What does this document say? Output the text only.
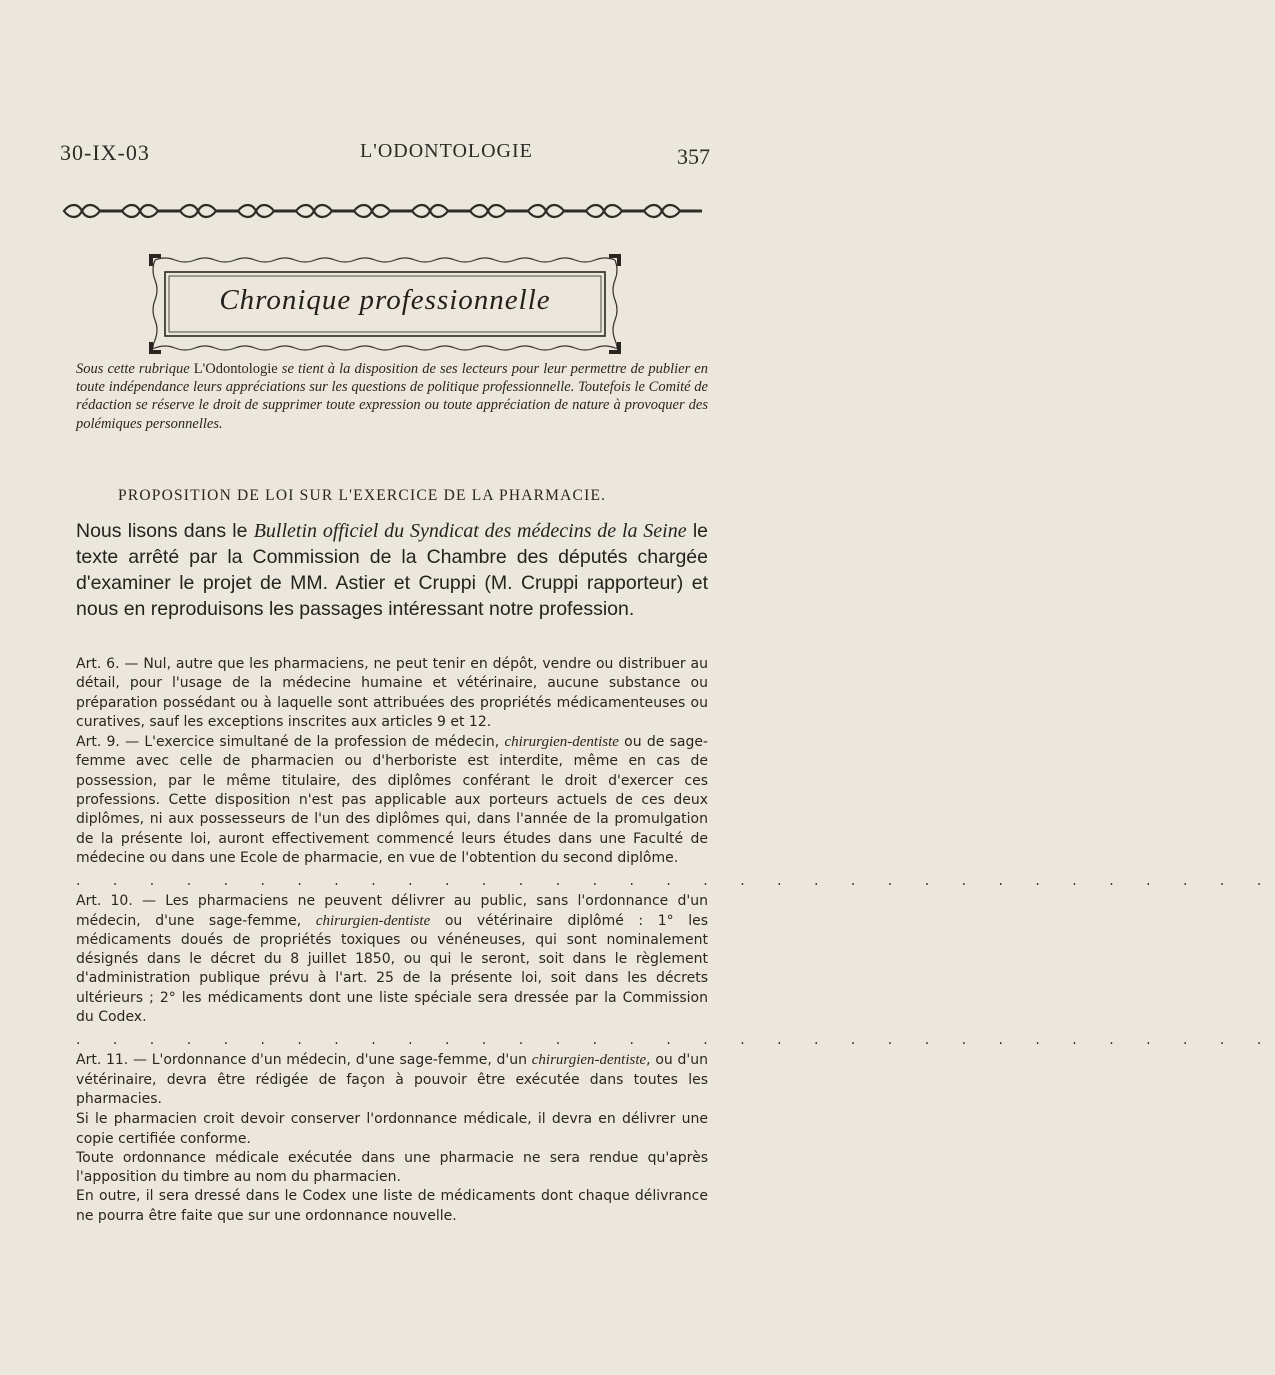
30-IX-03	L'ODONTOLOGIE	357
Chronique professionnelle
Sous cette rubrique L'Odontologie se tient à la disposition de ses lecteurs pour leur permettre de publier en toute indépendance leurs appréciations sur les questions de politique professionnelle. Toutefois le Comité de rédaction se réserve le droit de supprimer toute expression ou toute appréciation de nature à provoquer des polémiques personnelles.
PROPOSITION DE LOI SUR L'EXERCICE DE LA PHARMACIE.
Nous lisons dans le Bulletin officiel du Syndicat des médecins de la Seine le texte arrêté par la Commission de la Chambre des députés chargée d'examiner le projet de MM. Astier et Cruppi (M. Cruppi rapporteur) et nous en reproduisons les passages intéressant notre profession.

Art. 6. — Nul, autre que les pharmaciens, ne peut tenir en dépôt, vendre ou distribuer au détail, pour l'usage de la médecine humaine et vétérinaire, aucune substance ou préparation possédant ou à laquelle sont attribuées des propriétés médicamenteuses ou curatives, sauf les exceptions inscrites aux articles 9 et 12.

Art. 9. — L'exercice simultané de la profession de médecin, chirurgien-dentiste ou de sage-femme avec celle de pharmacien ou d'herboriste est interdite, même en cas de possession, par le même titulaire, des diplômes conférant le droit d'exercer ces professions. Cette disposition n'est pas applicable aux porteurs actuels de ces deux diplômes, ni aux possesseurs de l'un des diplômes qui, dans l'année de la promulgation de la présente loi, auront effectivement commencé leurs études dans une Faculté de médecine ou dans une Ecole de pharmacie, en vue de l'obtention du second diplôme.

. . . . . . . . . . . . . . . . . . . . . . . . . . . . . . . . .

Art. 10. — Les pharmaciens ne peuvent délivrer au public, sans l'ordonnance d'un médecin, d'une sage-femme, chirurgien-dentiste ou vétérinaire diplômé : 1° les médicaments doués de propriétés toxiques ou vénéneuses, qui sont nominalement désignés dans le décret du 8 juillet 1850, ou qui le seront, soit dans le règlement d'administration publique prévu à l'art. 25 de la présente loi, soit dans les décrets ultérieurs ; 2° les médicaments dont une liste spéciale sera dressée par la Commission du Codex.

. . . . . . . . . . . . . . . . . . . . . . . . . . . . . . . . .

Art. 11. — L'ordonnance d'un médecin, d'une sage-femme, d'un chirurgien-dentiste, ou d'un vétérinaire, devra être rédigée de façon à pouvoir être exécutée dans toutes les pharmacies.

Si le pharmacien croit devoir conserver l'ordonnance médicale, il devra en délivrer une copie certifiée conforme.

Toute ordonnance médicale exécutée dans une pharmacie ne sera rendue qu'après l'apposition du timbre au nom du pharmacien.

En outre, il sera dressé dans le Codex une liste de médicaments dont chaque délivrance ne pourra être faite que sur une ordonnance nouvelle.
